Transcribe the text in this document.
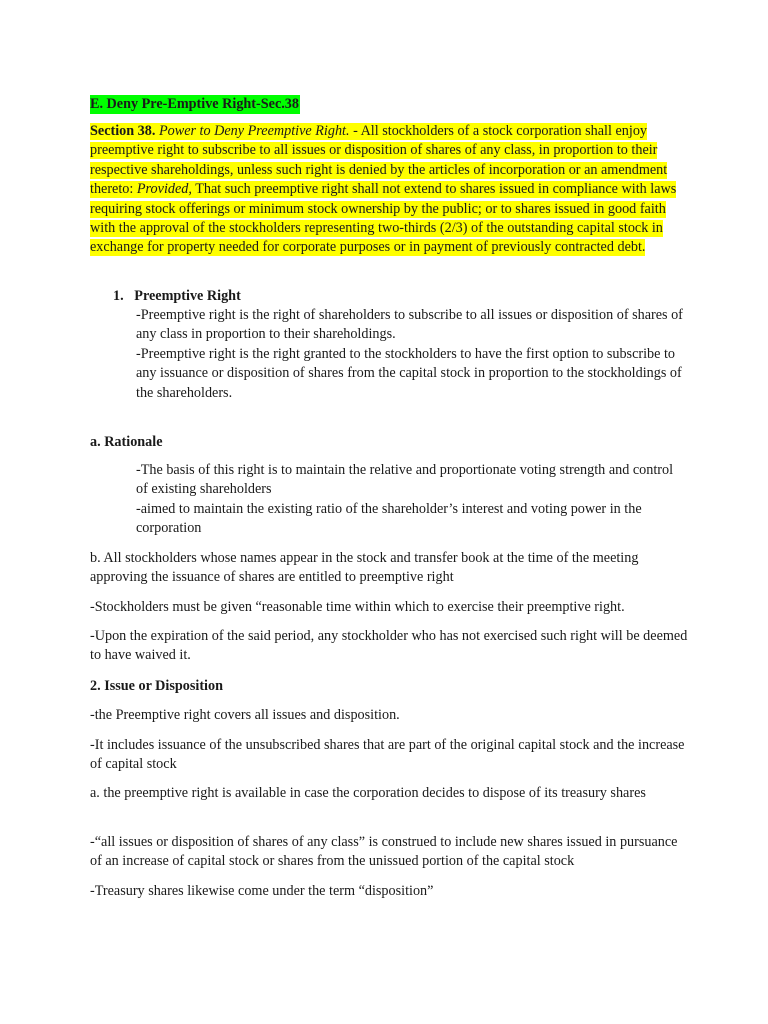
E. Deny Pre-Emptive Right-Sec.38
Section 38. Power to Deny Preemptive Right. - All stockholders of a stock corporation shall enjoy preemptive right to subscribe to all issues or disposition of shares of any class, in proportion to their respective shareholdings, unless such right is denied by the articles of incorporation or an amendment thereto: Provided, That such preemptive right shall not extend to shares issued in compliance with laws requiring stock offerings or minimum stock ownership by the public; or to shares issued in good faith with the approval of the stockholders representing two-thirds (2/3) of the outstanding capital stock in exchange for property needed for corporate purposes or in payment of previously contracted debt.
1.   Preemptive Right
-Preemptive right is the right of shareholders to subscribe to all issues or disposition of shares of any class in proportion to their shareholdings.
-Preemptive right is the right granted to the stockholders to have the first option to subscribe to any issuance or disposition of shares from the capital stock in proportion to the stockholdings of the shareholders.
a. Rationale
-The basis of this right is to maintain the relative and proportionate voting strength and control of existing shareholders
-aimed to maintain the existing ratio of the shareholder’s interest and voting power in the corporation
b. All stockholders whose names appear in the stock and transfer book at the time of the meeting approving the issuance of shares are entitled to preemptive right
-Stockholders must be given “reasonable time within which to exercise their preemptive right.
-Upon the expiration of the said period, any stockholder who has not exercised such right will be deemed to have waived it.
2. Issue or Disposition
-the Preemptive right covers all issues and disposition.
-It includes issuance of the unsubscribed shares that are part of the original capital stock and the increase of capital stock
a. the preemptive right is available in case the corporation decides to dispose of its treasury shares
-“all issues or disposition of shares of any class” is construed to include new shares issued in pursuance of an increase of capital stock or shares from the unissued portion of the capital stock
-Treasury shares likewise come under the term “disposition”
